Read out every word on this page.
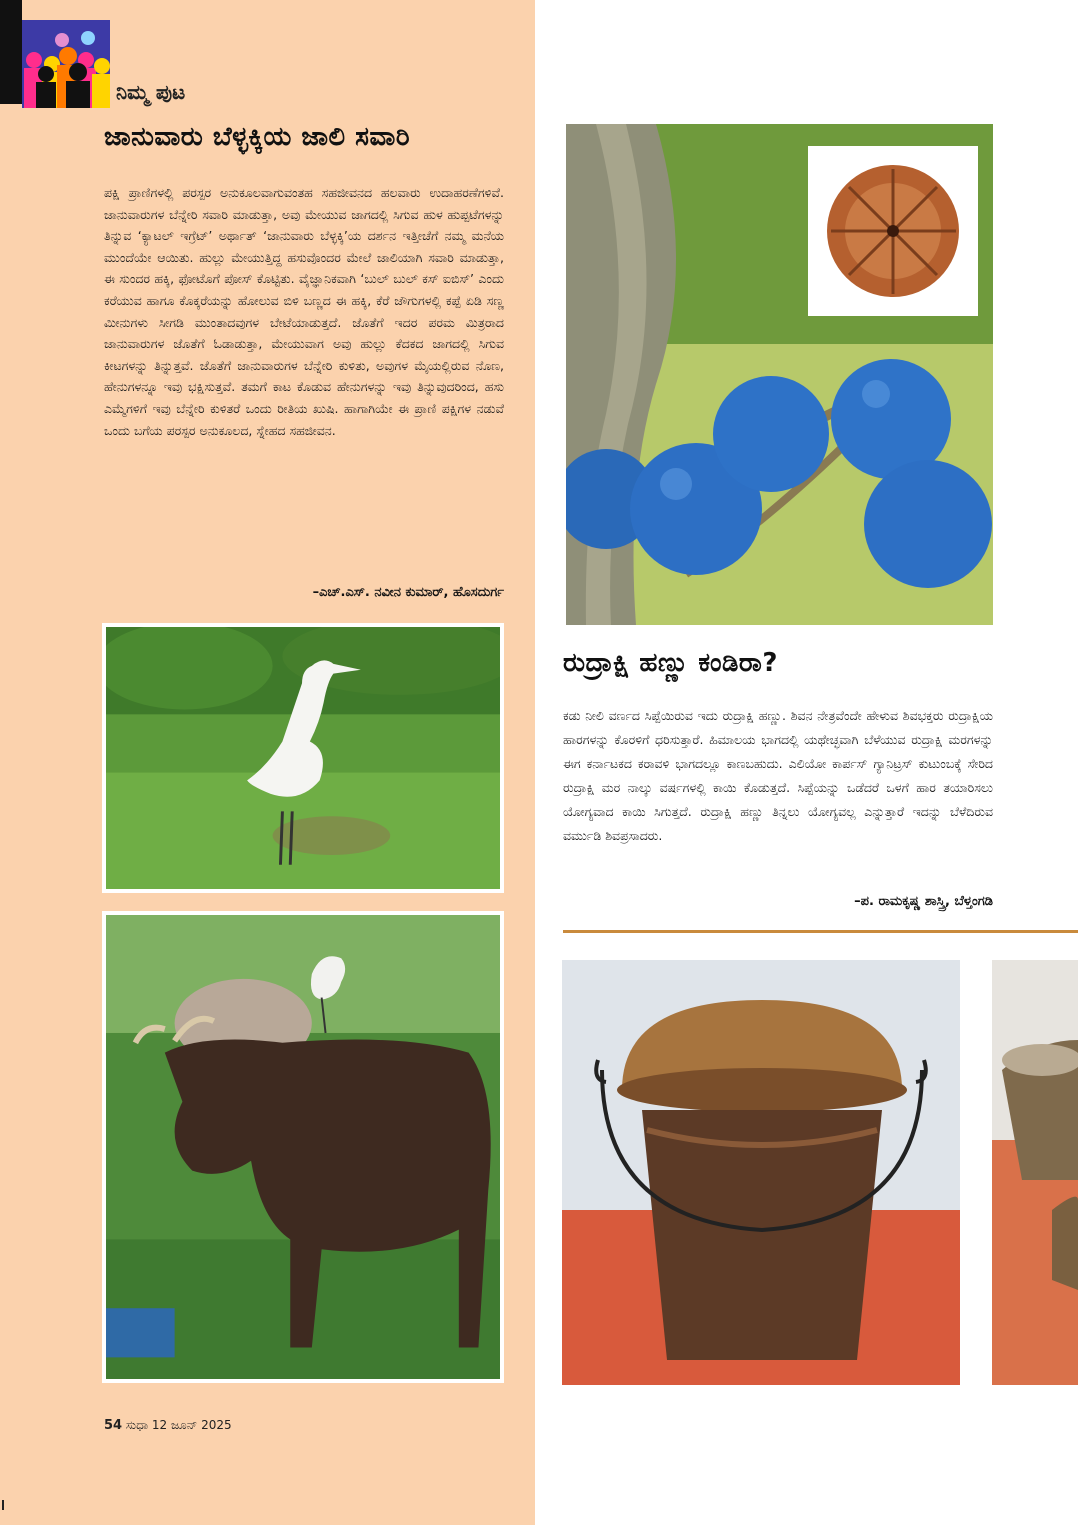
ನಿಮ್ಮ ಪುಟ
ಜಾನುವಾರು ಬೆಳ್ಳಕ್ಕಿಯ ಜಾಲಿ ಸವಾರಿ
ಪಕ್ಷಿ ಪ್ರಾಣಿಗಳಲ್ಲಿ ಪರಸ್ಪರ ಅನುಕೂಲವಾಗುವಂತಹ ಸಹಜೀವನದ ಹಲವಾರು ಉದಾಹರಣೆಗಳಿವೆ. ಜಾನುವಾರುಗಳ ಬೆನ್ನೇರಿ ಸವಾರಿ ಮಾಡುತ್ತಾ, ಅವು ಮೇಯುವ ಜಾಗದಲ್ಲಿ ಸಿಗುವ ಹುಳ ಹುಪ್ಪಟೆಗಳನ್ನು ತಿನ್ನುವ ‘ಕ್ಯಾಟಲ್ ಇಗ್ರೆಟ್’ ಅರ್ಥಾತ್ ‘ಜಾನುವಾರು ಬೆಳ್ಳಕ್ಕಿ’ಯ ದರ್ಶನ ಇತ್ತೀಚೆಗೆ ನಮ್ಮ ಮನೆಯ ಮುಂದೆಯೇ ಆಯಿತು. ಹುಲ್ಲು ಮೇಯುತ್ತಿದ್ದ ಹಸುವೊಂದರ ಮೇಲೆ ಜಾಲಿಯಾಗಿ ಸವಾರಿ ಮಾಡುತ್ತಾ, ಈ ಸುಂದರ ಹಕ್ಕಿ, ಫೋಟೊಗೆ ಪೋಸ್ ಕೊಟ್ಟಿತು. ವೈಜ್ಞಾನಿಕವಾಗಿ ‘ಬುಲ್ ಬುಲ್ ಕಸ್ ಐಬಿಸ್’ ಎಂದು ಕರೆಯುವ ಹಾಗೂ ಕೊಕ್ಕರೆಯನ್ನು ಹೋಲುವ ಬಿಳಿ ಬಣ್ಣದ ಈ ಹಕ್ಕಿ, ಕೆರೆ ಜೌಗುಗಳಲ್ಲಿ ಕಪ್ಪೆ ಏಡಿ ಸಣ್ಣ ಮೀನುಗಳು ಸೀಗಡಿ ಮುಂತಾದವುಗಳ ಬೇಟೆಯಾಡುತ್ತದೆ. ಜೊತೆಗೆ ಇದರ ಪರಮ ಮಿತ್ರರಾದ ಜಾನುವಾರುಗಳ ಜೊತೆಗೆ ಓಡಾಡುತ್ತಾ, ಮೇಯುವಾಗ ಅವು ಹುಲ್ಲು ಕೆದಕದ ಜಾಗದಲ್ಲಿ ಸಿಗುವ ಕೀಟಗಳನ್ನು ತಿನ್ನುತ್ತವೆ. ಜೊತೆಗೆ ಜಾನುವಾರುಗಳ ಬೆನ್ನೇರಿ ಕುಳಿತು, ಅವುಗಳ ಮೈಯಲ್ಲಿರುವ ನೊಣ, ಹೇನುಗಳನ್ನೂ ಇವು ಭಕ್ಷಿಸುತ್ತವೆ. ತಮಗೆ ಕಾಟ ಕೊಡುವ ಹೇನುಗಳನ್ನು ಇವು ತಿನ್ನುವುದರಿಂದ, ಹಸು ಎಮ್ಮೆಗಳಿಗೆ ಇವು ಬೆನ್ನೇರಿ ಕುಳಿತರೆ ಒಂದು ರೀತಿಯ ಖುಷಿ. ಹಾಗಾಗಿಯೇ ಈ ಪ್ರಾಣಿ ಪಕ್ಷಿಗಳ ನಡುವೆ ಒಂದು ಬಗೆಯ ಪರಸ್ಪರ ಅನುಕೂಲದ, ಸ್ನೇಹದ ಸಹಜೀವನ.
–ಎಚ್.ಎಸ್. ನವೀನ ಕುಮಾರ್, ಹೊಸದುರ್ಗ
54 ಸುಧಾ 12 ಜೂನ್ 2025
ರುದ್ರಾಕ್ಷಿ ಹಣ್ಣು ಕಂಡಿರಾ?
ಕಡು ನೀಲಿ ವರ್ಣದ ಸಿಪ್ಪೆಯಿರುವ ಇದು ರುದ್ರಾಕ್ಷಿ ಹಣ್ಣು. ಶಿವನ ನೇತ್ರವೆಂದೇ ಹೇಳುವ ಶಿವಭಕ್ತರು ರುದ್ರಾಕ್ಷಿಯ ಹಾರಗಳನ್ನು ಕೊರಳಿಗೆ ಧರಿಸುತ್ತಾರೆ. ಹಿಮಾಲಯ ಭಾಗದಲ್ಲಿ ಯಥೇಚ್ಛವಾಗಿ ಬೆಳೆಯುವ ರುದ್ರಾಕ್ಷಿ ಮರಗಳನ್ನು ಈಗ ಕರ್ನಾಟಕದ ಕರಾವಳಿ ಭಾಗದಲ್ಲೂ ಕಾಣಬಹುದು. ಎಲಿಯೋ ಕಾರ್ಪಸ್ ಗ್ಯಾನಿಟ್ರಸ್ ಕುಟುಂಬಕ್ಕೆ ಸೇರಿದ ರುದ್ರಾಕ್ಷಿ ಮರ ನಾಲ್ಕು ವರ್ಷಗಳಲ್ಲಿ ಕಾಯಿ ಕೊಡುತ್ತದೆ. ಸಿಪ್ಪೆಯನ್ನು ಒಡೆದರೆ ಒಳಗೆ ಹಾರ ತಯಾರಿಸಲು ಯೋಗ್ಯವಾದ ಕಾಯಿ ಸಿಗುತ್ತದೆ. ರುದ್ರಾಕ್ಷಿ ಹಣ್ಣು ತಿನ್ನಲು ಯೋಗ್ಯವಲ್ಲ ಎನ್ನುತ್ತಾರೆ ಇದನ್ನು ಬೆಳೆದಿರುವ ವರ್ಮುಡಿ ಶಿವಪ್ರಸಾದರು.
–ಪ. ರಾಮಕೃಷ್ಣ ಶಾಸ್ತ್ರಿ, ಬೆಳ್ತಂಗಡಿ
